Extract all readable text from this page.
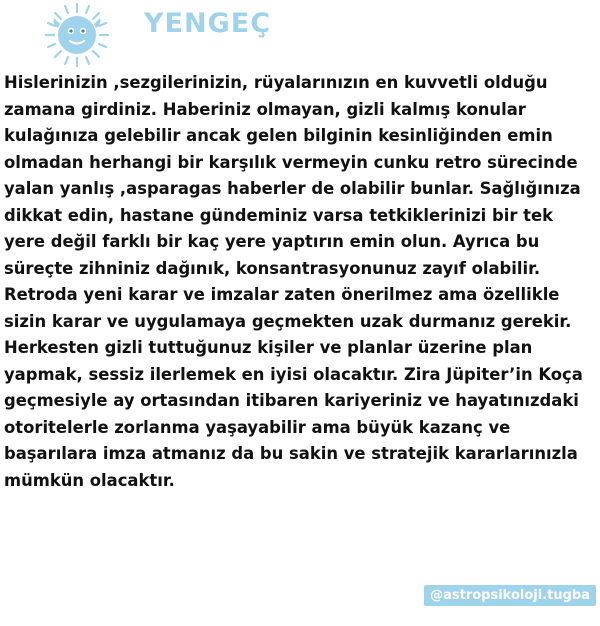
YENGEÇ

Hislerinizin ,sezgilerinizin, rüyalarınızın en kuvvetli olduğu zamana girdiniz. Haberiniz olmayan, gizli kalmış konular kulağınıza gelebilir ancak gelen bilginin kesinliğinden emin olmadan herhangi bir karşılık vermeyin cunku retro sürecinde yalan yanlış ,asparagas haberler de olabilir bunlar. Sağlığınıza dikkat edin, hastane gündeminiz varsa tetkiklerinizi bir tek yere değil farklı bir kaç yere yaptırın emin olun. Ayrıca bu süreçte zihniniz dağınık, konsantrasyonunuz zayıf olabilir.

Retroda yeni karar ve imzalar zaten önerilmez ama özellikle sizin karar ve uygulamaya geçmekten uzak durmanız gerekir. Herkesten gizli tuttuğunuz kişiler ve planlar üzerine plan yapmak, sessiz ilerlemek en iyisi olacaktır. Zira Jüpiter’in Koça geçmesiyle ay ortasından itibaren kariyeriniz ve hayatınızdaki otoritelerle zorlanma yaşayabilir ama büyük kazanç ve başarılara imza atmanız da bu sakin ve stratejik kararlarınızla mümkün olacaktır.

@astropsikoloji.tugba
